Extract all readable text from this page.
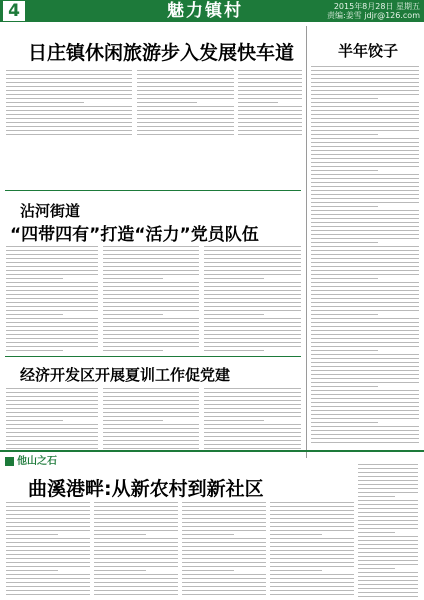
4	魅力镇村	2015年8月28日 星期五
责编:姜雪 jdjr@126.com
日庄镇休闲旅游步入发展快车道	半年饺子
沾河街道
“四带四有”打造“活力”党员队伍
经济开发区开展夏训工作促党建
他山之石
曲溪港畔:从新农村到新社区
